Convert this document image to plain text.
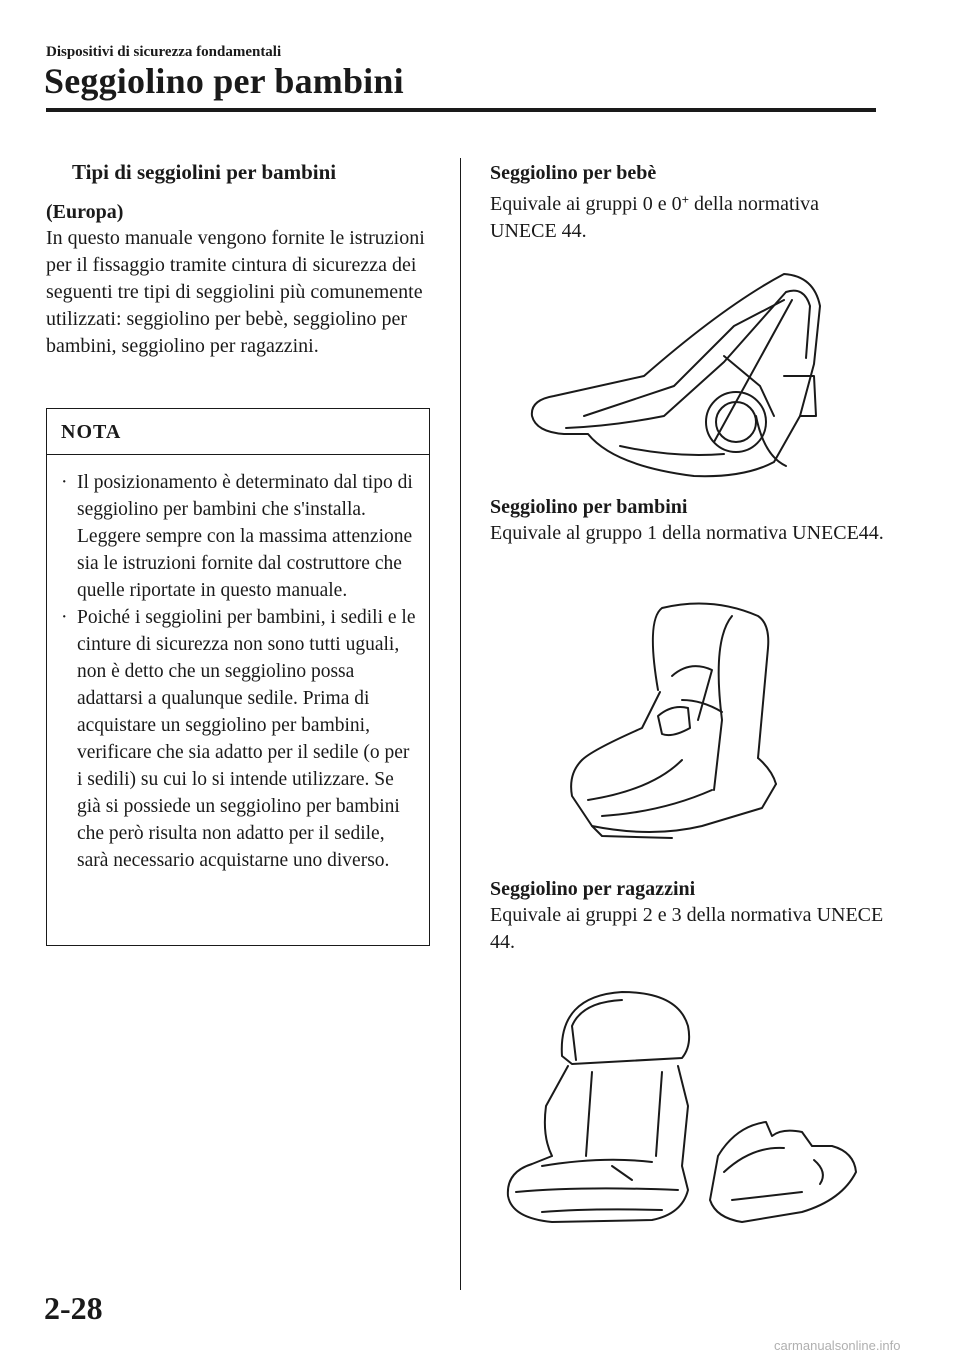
Dispositivi di sicurezza fondamentali
Seggiolino per bambini

Tipi di seggiolini per bambini

(Europa)

In questo manuale vengono fornite le istruzioni per il fissaggio tramite cintura di sicurezza dei seguenti tre tipi di seggiolini più comunemente utilizzati: seggiolino per bebè, seggiolino per bambini, seggiolino per ragazzini.

NOTA
· Il posizionamento è determinato dal tipo di seggiolino per bambini che s'installa. Leggere sempre con la massima attenzione sia le istruzioni fornite dal costruttore che quelle riportate in questo manuale.
· Poiché i seggiolini per bambini, i sedili e le cinture di sicurezza non sono tutti uguali, non è detto che un seggiolino possa adattarsi a qualunque sedile. Prima di acquistare un seggiolino per bambini, verificare che sia adatto per il sedile (o per i sedili) su cui lo si intende utilizzare. Se già si possiede un seggiolino per bambini che però risulta non adatto per il sedile, sarà necessario acquistarne uno diverso.

Seggiolino per bebè

Equivale ai gruppi 0 e 0+ della normativa UNECE 44.

Seggiolino per bambini

Equivale al gruppo 1 della normativa UNECE44.

Seggiolino per ragazzini

Equivale ai gruppi 2 e 3 della normativa UNECE 44.

2-28
carmanualsonline.info
